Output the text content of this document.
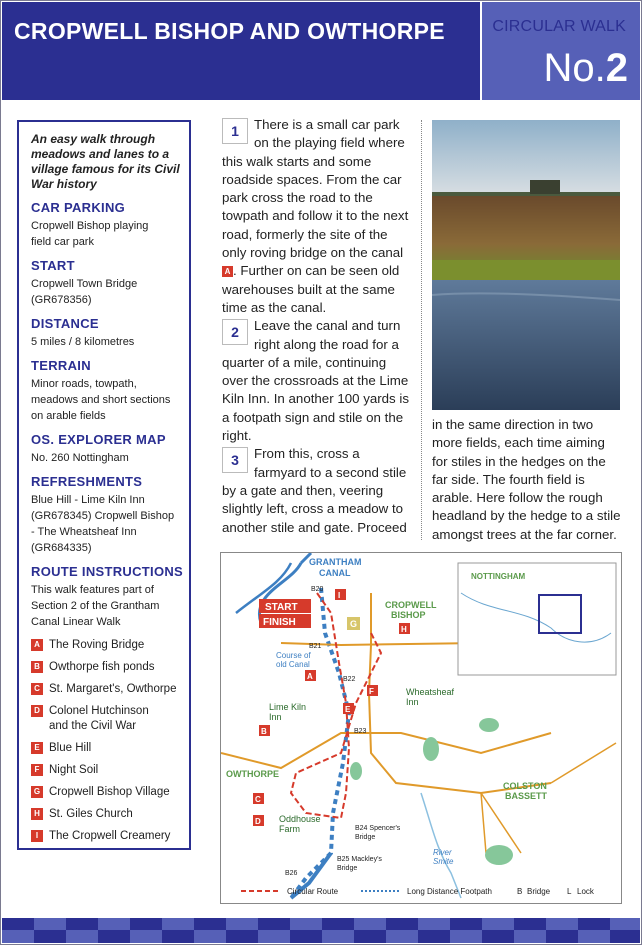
CROPWELL BISHOP AND OWTHORPE	CIRCULAR WALK
No.2
An easy walk through meadows and lanes to a village famous for its Civil War history
CAR PARKING
Cropwell Bishop playing field car park
START
Cropwell Town Bridge (GR678356)
DISTANCE
5 miles / 8 kilometres
TERRAIN
Minor roads, towpath, meadows and short sections on arable fields
OS. EXPLORER MAP
No. 260 Nottingham
REFRESHMENTS
Blue Hill - Lime Kiln Inn (GR678345) Cropwell Bishop - The Wheatsheaf Inn (GR684335)
ROUTE INSTRUCTIONS
This walk features part of Section 2 of the Grantham Canal Linear Walk
A The Roving Bridge
B Owthorpe fish ponds
C St. Margaret's, Owthorpe
D Colonel Hutchinson and the Civil War
E Blue Hill
F Night Soil
G Cropwell Bishop Village
H St. Giles Church
I The Cropwell Creamery

1	There is a small car park on the playing field where this walk starts and some roadside spaces. From the car park cross the road to the towpath and follow it to the next road, formerly the site of the only roving bridge on the canal A . Further on can be seen old warehouses built at the same time as the canal.

2	Leave the canal and turn right along the road for a quarter of a mile, continuing over the crossroads at the Lime Kiln Inn. In another 100 yards is a footpath sign and stile on the right.

3	From this, cross a farmyard to a second stile by a gate and then, veering slightly left, cross a meadow to another stile and gate. Proceed

in the same direction in two more fields, each time aiming for stiles in the hedges on the far side. The fourth field is arable. Here follow the rough headland by the hedge to a stile amongst trees at the far corner.
NOTTINGHAM
GRANTHAM
CANAL
START
FINISH
CROPWELL
BISHOP
Course of
old Canal
Wheatsheaf
Inn
Lime Kiln
Inn
OWTHORPE
Oddhouse
Farm
COLSTON
BASSETT
River
Smite
B20
B21
B22
B23
B24 Spencer's
Bridge
B25 Mackley's
Bridge
B26
A
B
C
D
E
F
G
H
I
Circular Route	Long Distance Footpath	B Bridge L Lock
